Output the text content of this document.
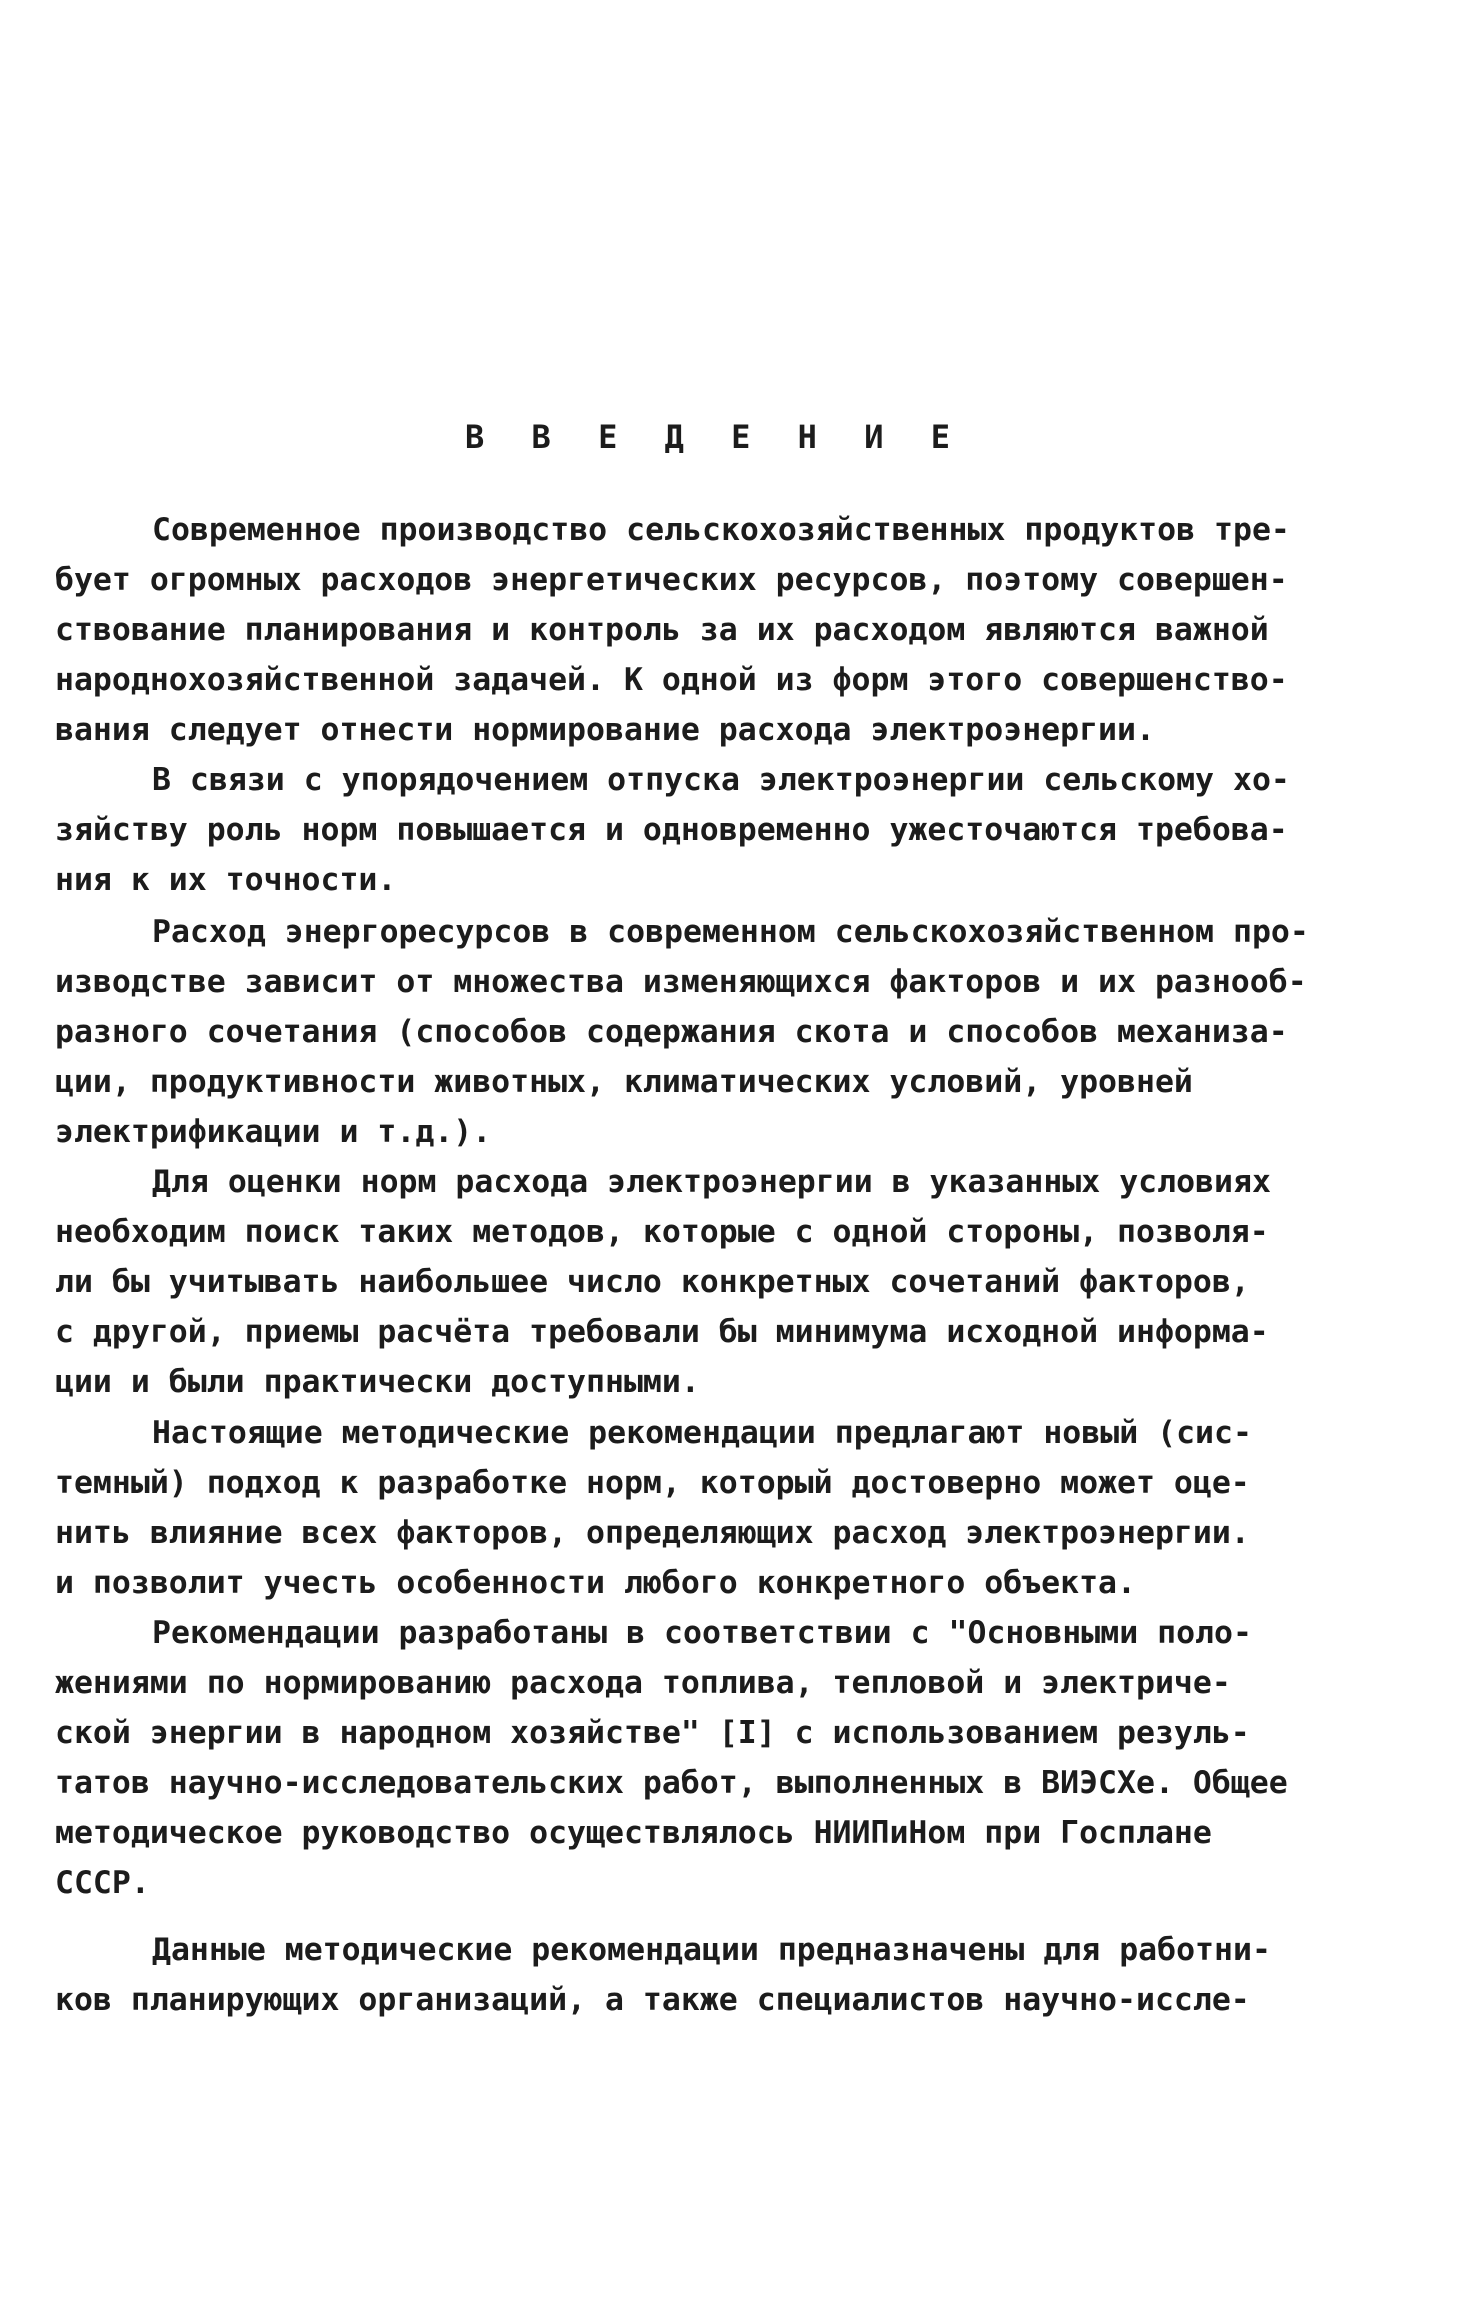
В В Е Д Е Н И Е
Современное производство сельскохозяйственных продуктов тре-
бует огромных расходов энергетических ресурсов, поэтому совершен-
ствование планирования и контроль за их расходом являются важной
народнохозяйственной задачей. К одной из форм этого совершенство-
вания следует отнести нормирование расхода электроэнергии.
В связи с упорядочением отпуска электроэнергии сельскому хо-
зяйству роль норм повышается и одновременно ужесточаются требова-
ния к их точности.
Расход энергоресурсов в современном сельскохозяйственном про-
изводстве зависит от множества изменяющихся факторов и их разнооб-
разного сочетания (способов содержания скота и способов механиза-
ции, продуктивности животных, климатических условий, уровней
электрификации и т.д.).
Для оценки норм расхода электроэнергии в указанных условиях
необходим поиск таких методов, которые с одной стороны, позволя-
ли бы учитывать наибольшее число конкретных сочетаний факторов,
с другой, приемы расчёта требовали бы минимума исходной информа-
ции и были практически доступными.
Настоящие методические рекомендации предлагают новый (сис-
темный) подход к разработке норм, который достоверно может оце-
нить влияние всех факторов, определяющих расход электроэнергии.
и позволит учесть особенности любого конкретного объекта.
Рекомендации разработаны в соответствии с "Основными поло-
жениями по нормированию расхода топлива, тепловой и электриче-
ской энергии в народном хозяйстве" [I] с использованием резуль-
татов научно-исследовательских работ, выполненных в ВИЭСХе. Общее
методическое руководство осуществлялось НИИПиНом при Госплане
СССР.
Данные методические рекомендации предназначены для работни-
ков планирующих организаций, а также специалистов научно-иссле-
